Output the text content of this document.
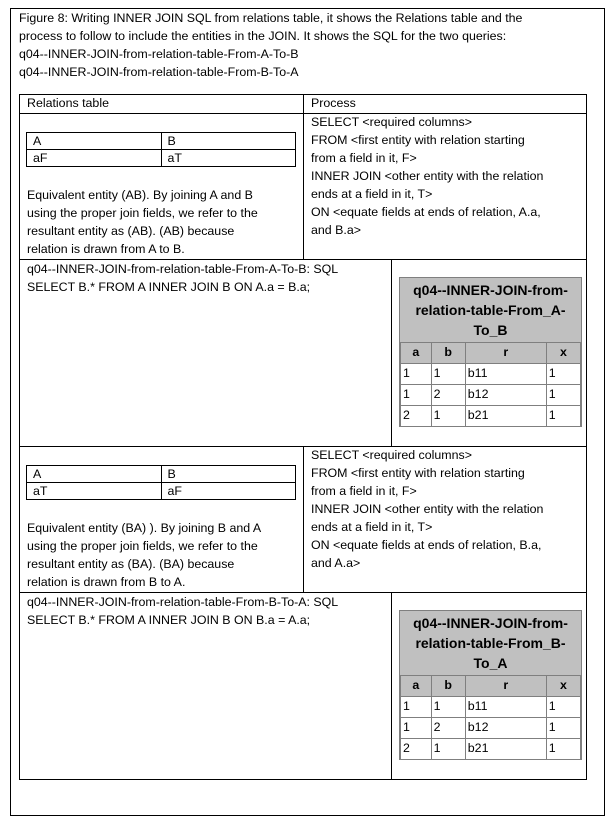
Figure 8: Writing INNER JOIN SQL from relations table, it shows the Relations table and the
process to follow to include the entities in the JOIN. It shows the SQL for the two queries:
q04--INNER-JOIN-from-relation-table-From-A-To-B
q04--INNER-JOIN-from-relation-table-From-B-To-A
Relations table	Process
A	B
aF	aT
Equivalent entity (AB). By joining A and B
using the proper join fields, we refer to the
resultant entity as (AB). (AB) because
relation is drawn from A to B.
SELECT <required columns>
FROM <first entity with relation starting
from a field in it, F>
INNER JOIN <other entity with the relation
ends at a field in it, T>
ON <equate fields at ends of relation, A.a,
and B.a>
q04--INNER-JOIN-from-relation-table-From-A-To-B: SQL
SELECT B.* FROM A INNER JOIN B ON A.a = B.a;	q04--INNER-JOIN-from-
relation-table-From_A-
To_B
a	b	r	x
1	1	b11	1
1	2	b12	1
2	1	b21	1
A	B
aT	aF
Equivalent entity (BA) ). By joining B and A
using the proper join fields, we refer to the
resultant entity as (BA). (BA) because
relation is drawn from B to A.
SELECT <required columns>
FROM <first entity with relation starting
from a field in it, F>
INNER JOIN <other entity with the relation
ends at a field in it, T>
ON <equate fields at ends of relation, B.a,
and A.a>
q04--INNER-JOIN-from-relation-table-From-B-To-A: SQL
SELECT B.* FROM A INNER JOIN B ON B.a = A.a;	q04--INNER-JOIN-from-
relation-table-From_B-
To_A
a	b	r	x
1	1	b11	1
1	2	b12	1
2	1	b21	1
